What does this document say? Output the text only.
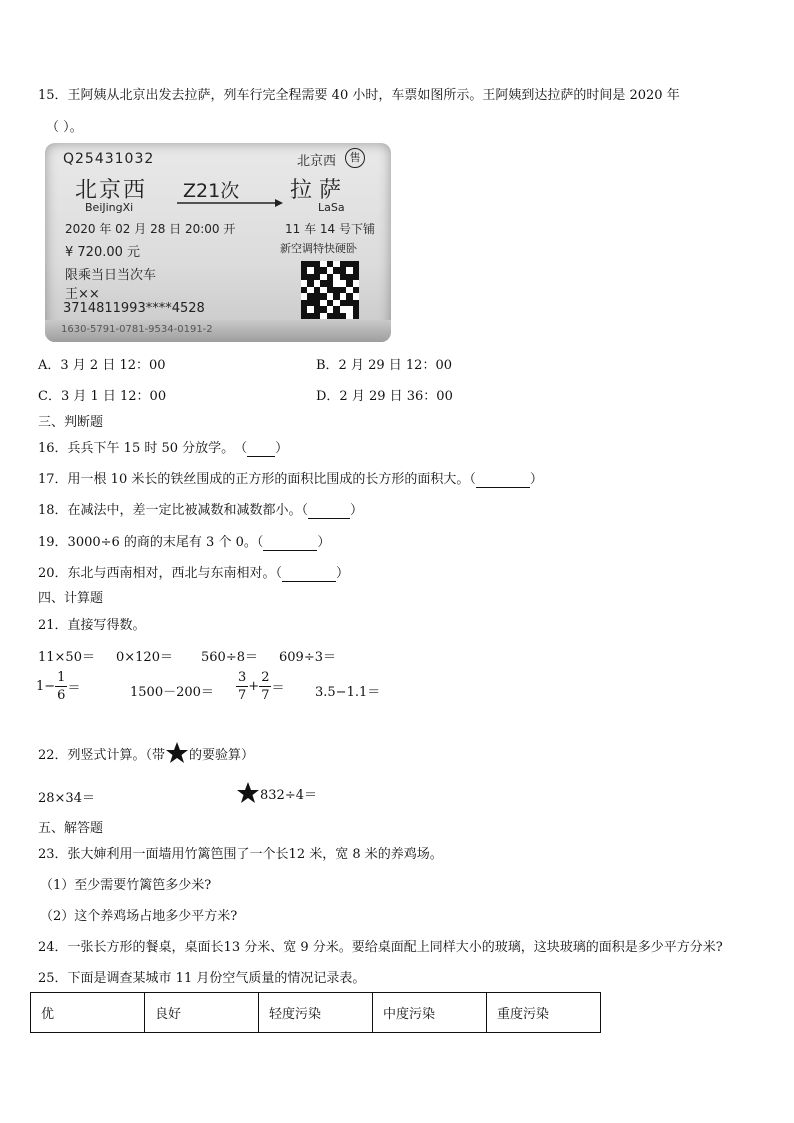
15．王阿姨从北京出发去拉萨，列车行完全程需要 40 小时，车票如图所示。王阿姨到达拉萨的时间是 2020 年
（ ）。
Q25431032	北京西	售
北京西
BeiJingXi
Z21次 拉 萨
LaSa
2020 年 02 月 28 日 20:00 开	11 车 14 号下铺
¥ 720.00 元	新空调特快硬卧
限乘当日当次车
王××
3714811993****4528
1630-5791-0781-9534-0191-2
A．3 月 2 日 12：00	B．2 月 29 日 12：00
C．3 月 1 日 12：00	D．2 月 29 日 36：00
三、判断题
16．兵兵下午 15 时 50 分放学。　（ ）
17．用一根 10 米长的铁丝围成的正方形的面积比围成的长方形的面积大。（	）
18．在减法中，差一定比被减数和减数都小。（	）
19．3000÷6 的商的末尾有 3 个 0。（	）
20．东北与西南相对，西北与东南相对。（	）
四、计算题
21．直接写得数。
11×50＝ 0×120＝ 560÷8＝ 609÷3＝
$1- \frac{1}{6}$ ＝	$1500-200= \frac{3}{7} + \frac{2}{7} = 3.5-1.1=$
22．列竖式计算。（带 的要验算）
28×34＝	832÷4＝
五、解答题
23．张大婶利用一面墙用竹篱笆围了一个长12 米，宽 8 米的养鸡场。
（1）至少需要竹篱笆多少米?
（2）这个养鸡场占地多少平方米?
24．一张长方形的餐桌，桌面长13 分米、宽 9 分米。要给桌面配上同样大小的玻璃，这块玻璃的面积是多少平方分米?
25．下面是调查某城市 11 月份空气质量的情况记录表。
优	良好	轻度污染	中度污染	重度污染
